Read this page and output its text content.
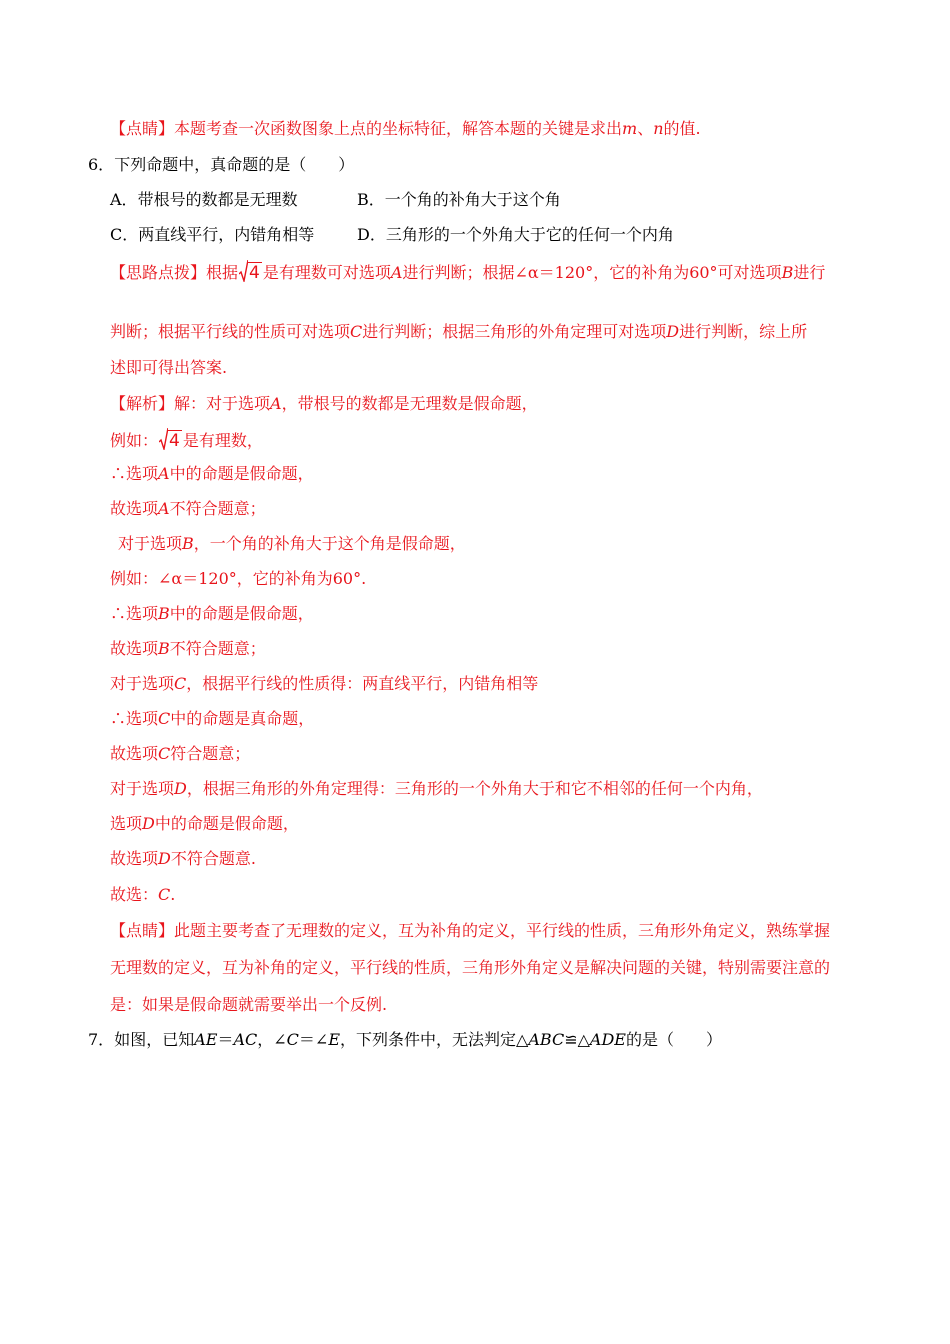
【点睛】本题考查一次函数图象上点的坐标特征，解答本题的关键是求出m、n的值.
6．下列命题中，真命题的是（　　）
A．带根号的数都是无理数	B．一个角的补角大于这个角
C．两直线平行，内错角相等	D．三角形的一个外角大于它的任何一个内角
【思路点拨】根据 4 是有理数可对选项A进行判断；根据∠α＝120°，它的补角为60°可对选项B进行
判断；根据平行线的性质可对选项C进行判断；根据三角形的外角定理可对选项D进行判断，综上所
述即可得出答案.
【解析】解：对于选项A，带根号的数都是无理数是假命题，
例如： 4 是有理数，
∴选项A中的命题是假命题，
故选项A不符合题意；
对于选项B，一个角的补角大于这个角是假命题，
例如：∠α＝120°，它的补角为60°.
∴选项B中的命题是假命题，
故选项B不符合题意；
对于选项C，根据平行线的性质得：两直线平行，内错角相等
∴选项C中的命题是真命题，
故选项C符合题意；
对于选项D，根据三角形的外角定理得：三角形的一个外角大于和它不相邻的任何一个内角，
选项D中的命题是假命题，
故选项D不符合题意.
故选：C.
【点睛】此题主要考查了无理数的定义，互为补角的定义，平行线的性质，三角形外角定义，熟练掌握
无理数的定义，互为补角的定义，平行线的性质，三角形外角定义是解决问题的关键，特别需要注意的
是：如果是假命题就需要举出一个反例.
7．如图，已知AE＝AC，∠C＝∠E，下列条件中，无法判定△ABC≌△ADE的是（　　）
